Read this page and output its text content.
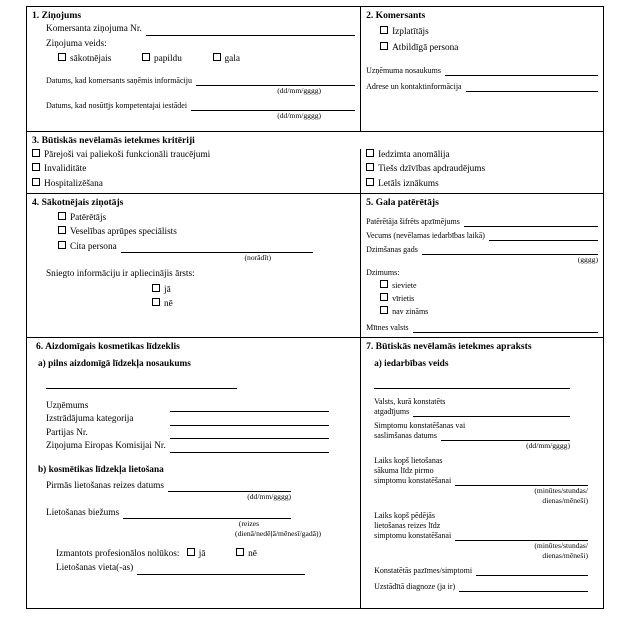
1. Ziņojums
Komersanta ziņojuma Nr.
Ziņojuma veids:
sākotnējais	papildu	gala
Datums, kad komersants saņēmis informāciju
(dd/mm/gggg)
Datums, kad nosūtījs kompetentajai iestādei
(dd/mm/gggg)
2. Komersants
Izplatītājs
Atbildīgā persona
Uzņēmuma nosaukums
Adrese un kontaktinformācija
3. Būtiskās nevēlamās ietekmes kritēriji
Pārejoši vai paliekoši funkcionāli traucējumi
Invaliditāte
Hospitalizēšana
Iedzimta anomālija
Tiešs dzīvības apdraudējums
Letāls iznākums
4. Sākotnējais ziņotājs
Patērētājs
Veselības aprūpes speciālists
Cita persona
(norādīt)
Sniegto informāciju ir apliecinājis ārsts:
jā
nē
5. Gala patērētājs
Patērētāja šifrēts apzīmējums
Vecums (nevēlamas iedarbības laikā)
Dzimšanas gads
(gggg)
Dzimums:
sieviete
vīrietis
nav zināms
Mītnes valsts
6. Aizdomīgais kosmetikas līdzeklis
a) pilns aizdomīgā līdzekļa nosaukums
Uzņēmums
Izstrādājuma kategorija
Partijas Nr.
Ziņojuma Eiropas Komisijai Nr.
b) kosmētikas līdzekļa lietošana
Pirmās lietošanas reizes datums
(dd/mm/gggg)
Lietošanas biežums
(reizes
(dienā/nedēļā/mēnesī/gadā))
Izmantots profesionālos nolūkos: jā	nē
Lietošanas vieta(-as)
7. Būtiskās nevēlamās ietekmes apraksts
a) iedarbības veids
Valsts, kurā konstatēts
atgadījums
Simptomu konstatēšanas vai
saslimšanas datums
(dd/mm/gggg)
Laiks kopš lietošanas
sākuma līdz pirmo
simptomu konstatēšanai
(minūtes/stundas/
dienas/mēneši)
Laiks kopš pēdējās
lietošanas reizes līdz
simptomu konstatēšanai
(minūtes/stundas/
dienas/mēneši)
Konstatētās pazīmes/simptomi
Uzstādītā diagnoze (ja ir)
